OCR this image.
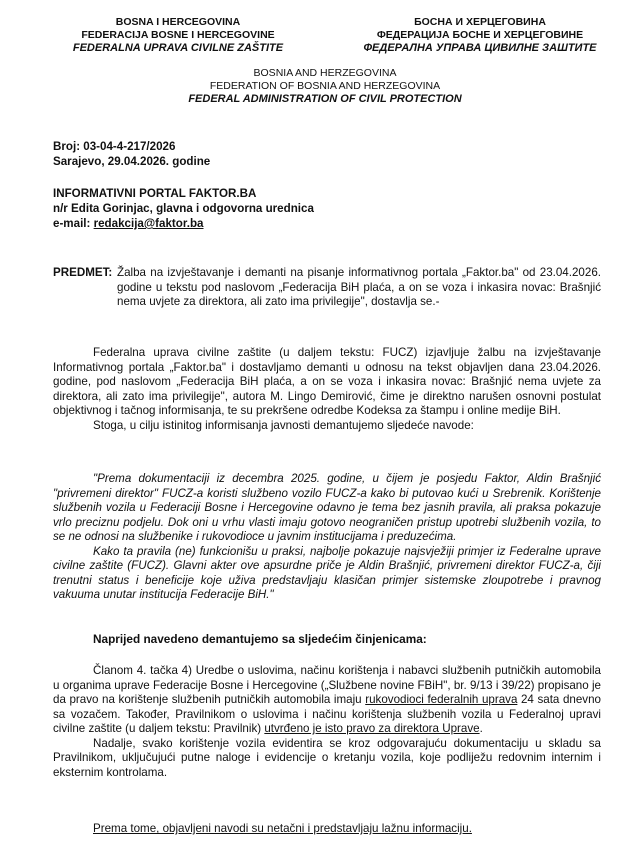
BOSNA I HERCEGOVINA
FEDERACIJA BOSNE I HERCEGOVINE
FEDERALNA UPRAVA CIVILNE ZAŠTITE
БОСНА И ХЕРЦЕГОВИНА
ФЕДЕРАЦИЈА БОСНЕ И ХЕРЦЕГОВИНЕ
ФЕДЕРАЛНА УПРАВА ЦИВИЛНЕ ЗАШТИТЕ
BOSNIA AND HERZEGOVINA
FEDERATION OF BOSNIA AND HERZEGOVINA
FEDERAL ADMINISTRATION OF CIVIL PROTECTION
Broj: 03-04-4-217/2026
Sarajevo, 29.04.2026. godine
INFORMATIVNI PORTAL FAKTOR.BA
n/r Edita Gorinjac, glavna i odgovorna urednica
e-mail: redakcija@faktor.ba
PREDMET: Žalba na izvještavanje i demanti na pisanje informativnog portala „Faktor.ba" od 23.04.2026. godine u tekstu pod naslovom „Federacija BiH plaća, a on se voza i inkasira novac: Brašnjić nema uvjete za direktora, ali zato ima privilegije", dostavlja se.-

Federalna uprava civilne zaštite (u daljem tekstu: FUCZ) izjavljuje žalbu na izvještavanje Informativnog portala „Faktor.ba" i dostavljamo demanti u odnosu na tekst objavljen dana 23.04.2026. godine, pod naslovom „Federacija BiH plaća, a on se voza i inkasira novac: Brašnjić nema uvjete za direktora, ali zato ima privilegije", autora M. Lingo Demirović, čime je direktno narušen osnovni postulat objektivnog i tačnog informisanja, te su prekršene odredbe Kodeksa za štampu i online medije BiH.

Stoga, u cilju istinitog informisanja javnosti demantujemo sljedeće navode:

"Prema dokumentaciji iz decembra 2025. godine, u čijem je posjedu Faktor, Aldin Brašnjić "privremeni direktor" FUCZ-a koristi službeno vozilo FUCZ-a kako bi putovao kući u Srebrenik. Korištenje službenih vozila u Federaciji Bosne i Hercegovine odavno je tema bez jasnih pravila, ali praksa pokazuje vrlo preciznu podjelu. Dok oni u vrhu vlasti imaju gotovo neograničen pristup upotrebi službenih vozila, to se ne odnosi na službenike i rukovodioce u javnim institucijama i preduzećima.

Kako ta pravila (ne) funkcionišu u praksi, najbolje pokazuje najsvježiji primjer iz Federalne uprave civilne zaštite (FUCZ). Glavni akter ove apsurdne priče je Aldin Brašnjić, privremeni direktor FUCZ-a, čiji trenutni status i beneficije koje uživa predstavljaju klasičan primjer sistemske zloupotrebe i pravnog vakuuma unutar institucija Federacije BiH."

Naprijed navedeno demantujemo sa sljedećim činjenicama:

Članom 4. tačka 4) Uredbe o uslovima, načinu korištenja i nabavci službenih putničkih automobila u organima uprave Federacije Bosne i Hercegovine („Službene novine FBiH", br. 9/13 i 39/22) propisano je da pravo na korištenje službenih putničkih automobila imaju rukovodioci federalnih uprava 24 sata dnevno sa vozačem. Također, Pravilnikom o uslovima i načinu korištenja službenih vozila u Federalnoj upravi civilne zaštite (u daljem tekstu: Pravilnik) utvrđeno je isto pravo za direktora Uprave.

Nadalje, svako korištenje vozila evidentira se kroz odgovarajuću dokumentaciju u skladu sa Pravilnikom, uključujući putne naloge i evidencije o kretanju vozila, koje podliježu redovnim internim i eksternim kontrolama.

Prema tome, objavljeni navodi su netačni i predstavljaju lažnu informaciju.
